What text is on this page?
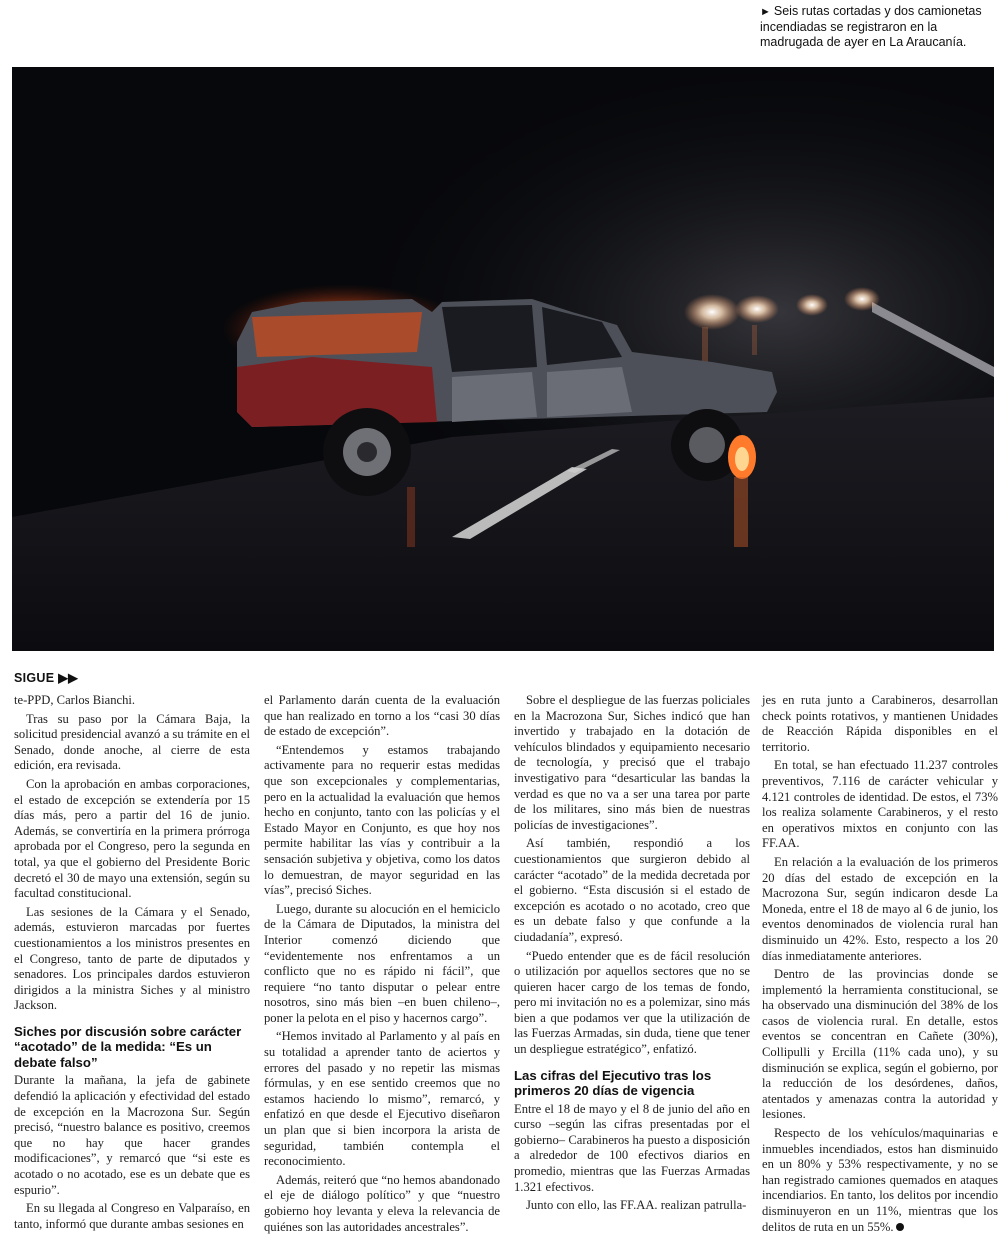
► Seis rutas cortadas y dos camionetas incendiadas se registraron en la madrugada de ayer en La Araucanía.
SIGUE ▶▶

te-PPD, Carlos Bianchi.

Tras su paso por la Cámara Baja, la solicitud presidencial avanzó a su trámite en el Senado, donde anoche, al cierre de esta edición, era revisada.

Con la aprobación en ambas corporaciones, el estado de excepción se extendería por 15 días más, pero a partir del 16 de junio. Además, se convertiría en la primera prórroga aprobada por el Congreso, pero la segunda en total, ya que el gobierno del Presidente Boric decretó el 30 de mayo una extensión, según su facultad constitucional.

Las sesiones de la Cámara y el Senado, además, estuvieron marcadas por fuertes cuestionamientos a los ministros presentes en el Congreso, tanto de parte de diputados y senadores. Los principales dardos estuvieron dirigidos a la ministra Siches y al ministro Jackson.

Siches por discusión sobre carácter “acotado” de la medida: “Es un debate falso”

Durante la mañana, la jefa de gabinete defendió la aplicación y efectividad del estado de excepción en la Macrozona Sur. Según precisó, “nuestro balance es positivo, creemos que no hay que hacer grandes modificaciones”, y remarcó que “si este es acotado o no acotado, ese es un debate que es espurio”.

En su llegada al Congreso en Valparaíso, en tanto, informó que durante ambas sesiones en

el Parlamento darán cuenta de la evaluación que han realizado en torno a los “casi 30 días de estado de excepción”.

“Entendemos y estamos trabajando activamente para no requerir estas medidas que son excepcionales y complementarias, pero en la actualidad la evaluación que hemos hecho en conjunto, tanto con las policías y el Estado Mayor en Conjunto, es que hoy nos permite habilitar las vías y contribuir a la sensación subjetiva y objetiva, como los datos lo demuestran, de mayor seguridad en las vías”, precisó Siches.

Luego, durante su alocución en el hemiciclo de la Cámara de Diputados, la ministra del Interior comenzó diciendo que “evidentemente nos enfrentamos a un conflicto que no es rápido ni fácil”, que requiere “no tanto disputar o pelear entre nosotros, sino más bien –en buen chileno–, poner la pelota en el piso y hacernos cargo”.

“Hemos invitado al Parlamento y al país en su totalidad a aprender tanto de aciertos y errores del pasado y no repetir las mismas fórmulas, y en ese sentido creemos que no estamos haciendo lo mismo”, remarcó, y enfatizó en que desde el Ejecutivo diseñaron un plan que si bien incorpora la arista de seguridad, también contempla el reconocimiento.

Además, reiteró que “no hemos abandonado el eje de diálogo político” y que “nuestro gobierno hoy levanta y eleva la relevancia de quiénes son las autoridades ancestrales”.

Sobre el despliegue de las fuerzas policiales en la Macrozona Sur, Siches indicó que han invertido y trabajado en la dotación de vehículos blindados y equipamiento necesario de tecnología, y precisó que el trabajo investigativo para “desarticular las bandas la verdad es que no va a ser una tarea por parte de los militares, sino más bien de nuestras policías de investigaciones”.

Así también, respondió a los cuestionamientos que surgieron debido al carácter “acotado” de la medida decretada por el gobierno. “Esta discusión si el estado de excepción es acotado o no acotado, creo que es un debate falso y que confunde a la ciudadanía”, expresó.

“Puedo entender que es de fácil resolución o utilización por aquellos sectores que no se quieren hacer cargo de los temas de fondo, pero mi invitación no es a polemizar, sino más bien a que podamos ver que la utilización de las Fuerzas Armadas, sin duda, tiene que tener un despliegue estratégico”, enfatizó.

Las cifras del Ejecutivo tras los primeros 20 días de vigencia

Entre el 18 de mayo y el 8 de junio del año en curso –según las cifras presentadas por el gobierno– Carabineros ha puesto a disposición a alrededor de 100 efectivos diarios en promedio, mientras que las Fuerzas Armadas 1.321 efectivos.

Junto con ello, las FF.AA. realizan patrulla-

jes en ruta junto a Carabineros, desarrollan check points rotativos, y mantienen Unidades de Reacción Rápida disponibles en el territorio.

En total, se han efectuado 11.237 controles preventivos, 7.116 de carácter vehicular y 4.121 controles de identidad. De estos, el 73% los realiza solamente Carabineros, y el resto en operativos mixtos en conjunto con las FF.AA.

En relación a la evaluación de los primeros 20 días del estado de excepción en la Macrozona Sur, según indicaron desde La Moneda, entre el 18 de mayo al 6 de junio, los eventos denominados de violencia rural han disminuido un 42%. Esto, respecto a los 20 días inmediatamente anteriores.

Dentro de las provincias donde se implementó la herramienta constitucional, se ha observado una disminución del 38% de los casos de violencia rural. En detalle, estos eventos se concentran en Cañete (30%), Collipulli y Ercilla (11% cada uno), y su disminución se explica, según el gobierno, por la reducción de los desórdenes, daños, atentados y amenazas contra la autoridad y lesiones.

Respecto de los vehículos/maquinarias e inmuebles incendiados, estos han disminuido en un 80% y 53% respectivamente, y no se han registrado camiones quemados en ataques incendiarios. En tanto, los delitos por incendio disminuyeron en un 11%, mientras que los delitos de ruta en un 55%.
